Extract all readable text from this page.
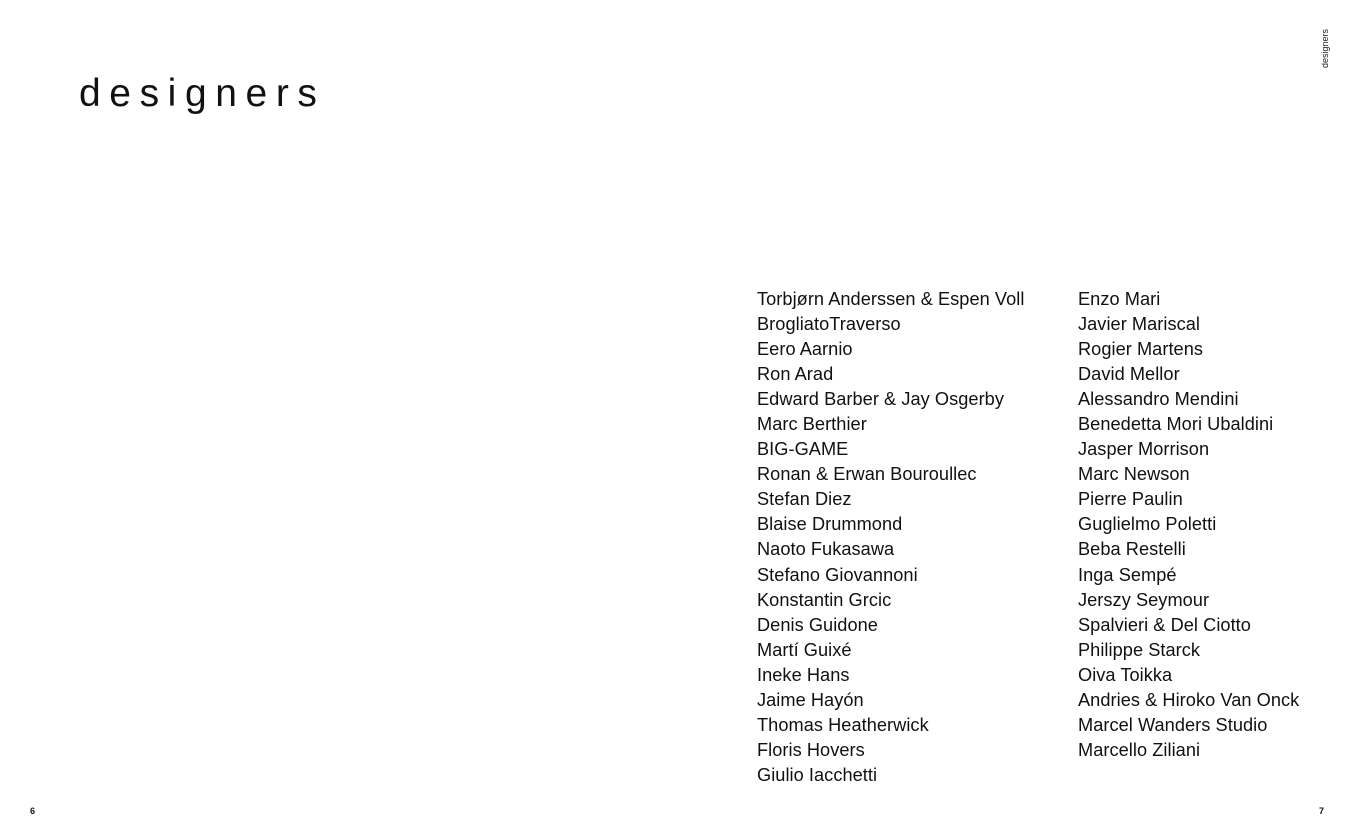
designers
designers
Torbjørn Anderssen & Espen Voll
BrogliatoTraverso
Eero Aarnio
Ron Arad
Edward Barber & Jay Osgerby
Marc Berthier
BIG-GAME
Ronan & Erwan Bouroullec
Stefan Diez
Blaise Drummond
Naoto Fukasawa
Stefano Giovannoni
Konstantin Grcic
Denis Guidone
Martí Guixé
Ineke Hans
Jaime Hayón
Thomas Heatherwick
Floris Hovers
Giulio Iacchetti
Enzo Mari
Javier Mariscal
Rogier Martens
David Mellor
Alessandro Mendini
Benedetta Mori Ubaldini
Jasper Morrison
Marc Newson
Pierre Paulin
Guglielmo Poletti
Beba Restelli
Inga Sempé
Jerszy Seymour
Spalvieri & Del Ciotto
Philippe Starck
Oiva Toikka
Andries & Hiroko Van Onck
Marcel Wanders Studio
Marcello Ziliani
6	7
